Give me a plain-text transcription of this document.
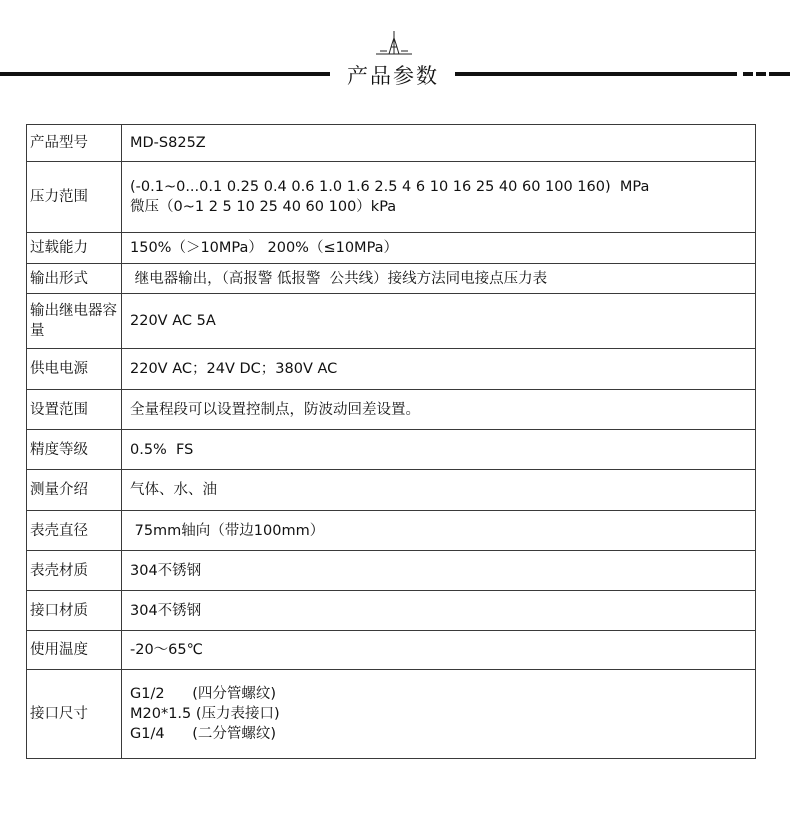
产品参数
产品型号	MD-S825Z

压力范围	(-0.1~0...0.1 0.25 0.4 0.6 1.0 1.6 2.5 4 6 10 16 25 40 60 100 160)  MPa
微压（0~1 2 5 10 25 40 60 100）kPa

过载能力	150%（＞10MPa） 200%（≤10MPa）

输出形式	继电器输出，（高报警 低报警  公共线）接线方法同电接点压力表

输出继电器容量	220V AC 5A

供电电源	220V AC；24V DC；380V AC

设置范围	全量程段可以设置控制点，防波动回差设置。

精度等级	0.5%  FS

测量介绍	气体、水、油

表壳直径	75mm轴向（带边100mm）

表壳材质	304不锈钢

接口材质	304不锈钢

使用温度	-20～65℃

接口尺寸	G1/2      (四分管螺纹)
M20*1.5 (压力表接口)
G1/4      (二分管螺纹)
